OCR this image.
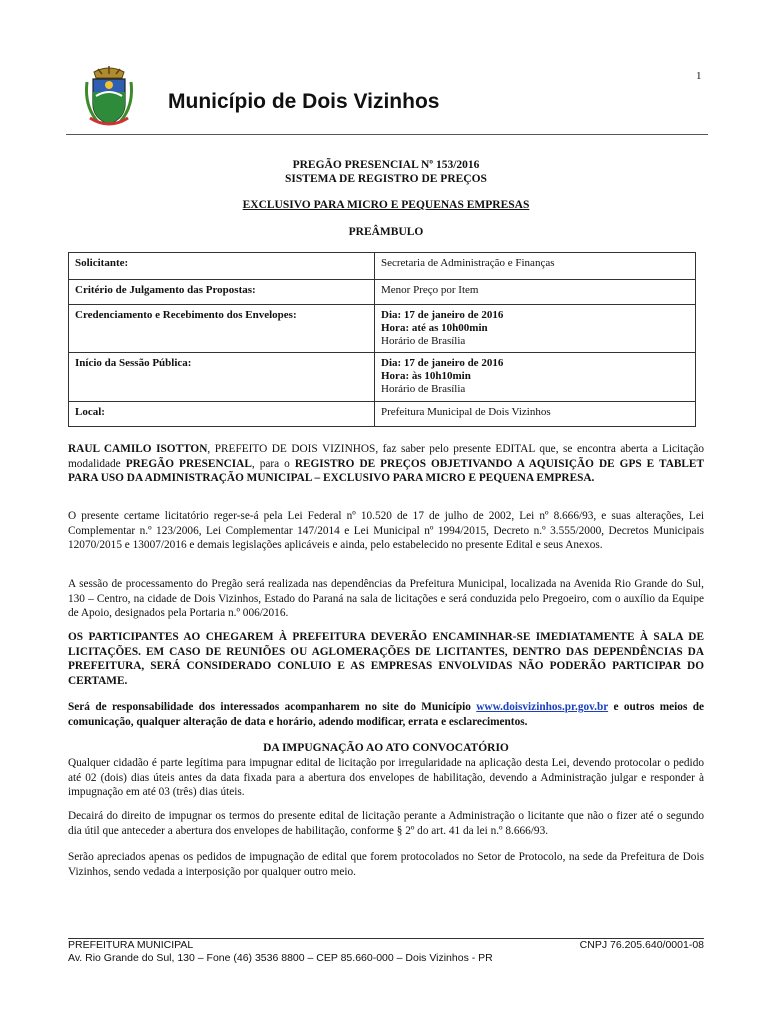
1
Município de Dois Vizinhos
PREGÃO PRESENCIAL Nº 153/2016
SISTEMA DE REGISTRO DE PREÇOS
EXCLUSIVO PARA MICRO E PEQUENAS EMPRESAS
PREÂMBULO
Solicitante:	Secretaria de Administração e Finanças
Critério de Julgamento das Propostas:	Menor Preço por Item
Credenciamento e Recebimento dos Envelopes:	Dia: 17 de janeiro de 2016
Hora: até as 10h00min
Horário de Brasília

Início da Sessão Pública:	Dia: 17 de janeiro de 2016
Hora: às 10h10min
Horário de Brasília

Local:	Prefeitura Municipal de Dois Vizinhos

RAUL CAMILO ISOTTON, PREFEITO DE DOIS VIZINHOS, faz saber pelo presente EDITAL que, se encontra aberta a Licitação modalidade PREGÃO PRESENCIAL, para o REGISTRO DE PREÇOS OBJETIVANDO A AQUISIÇÃO DE GPS E TABLET PARA USO DA ADMINISTRAÇÃO MUNICIPAL – EXCLUSIVO PARA MICRO E PEQUENA EMPRESA.

O presente certame licitatório reger-se-á pela Lei Federal nº 10.520 de 17 de julho de 2002, Lei nº 8.666/93, e suas alterações, Lei Complementar n.º 123/2006, Lei Complementar 147/2014 e Lei Municipal nº 1994/2015, Decreto n.º 3.555/2000, Decretos Municipais 12070/2015 e 13007/2016 e demais legislações aplicáveis e ainda, pelo estabelecido no presente Edital e seus Anexos.

A sessão de processamento do Pregão será realizada nas dependências da Prefeitura Municipal, localizada na Avenida Rio Grande do Sul, 130 – Centro, na cidade de Dois Vizinhos, Estado do Paraná na sala de licitações e será conduzida pelo Pregoeiro, com o auxílio da Equipe de Apoio, designados pela Portaria n.º 006/2016.

OS PARTICIPANTES AO CHEGAREM À PREFEITURA DEVERÃO ENCAMINHAR-SE IMEDIATAMENTE À SALA DE LICITAÇÕES. EM CASO DE REUNIÕES OU AGLOMERAÇÕES DE LICITANTES, DENTRO DAS DEPENDÊNCIAS DA PREFEITURA, SERÁ CONSIDERADO CONLUIO E AS EMPRESAS ENVOLVIDAS NÃO PODERÃO PARTICIPAR DO CERTAME.

Será de responsabilidade dos interessados acompanharem no site do Município www.doisvizinhos.pr.gov.br e outros meios de comunicação, qualquer alteração de data e horário, adendo modificar, errata e esclarecimentos.

DA IMPUGNAÇÃO AO ATO CONVOCATÓRIO

Qualquer cidadão é parte legítima para impugnar edital de licitação por irregularidade na aplicação desta Lei, devendo protocolar o pedido até 02 (dois) dias úteis antes da data fixada para a abertura dos envelopes de habilitação, devendo a Administração julgar e responder à impugnação em até 03 (três) dias úteis.

Decairá do direito de impugnar os termos do presente edital de licitação perante a Administração o licitante que não o fizer até o segundo dia útil que anteceder a abertura dos envelopes de habilitação, conforme § 2º do art. 41 da lei n.º 8.666/93.

Serão apreciados apenas os pedidos de impugnação de edital que forem protocolados no Setor de Protocolo, na sede da Prefeitura de Dois Vizinhos, sendo vedada a interposição por qualquer outro meio.

PREFEITURA MUNICIPAL	CNPJ 76.205.640/0001-08
Av. Rio Grande do Sul, 130 – Fone (46) 3536 8800 – CEP 85.660-000 – Dois Vizinhos - PR
